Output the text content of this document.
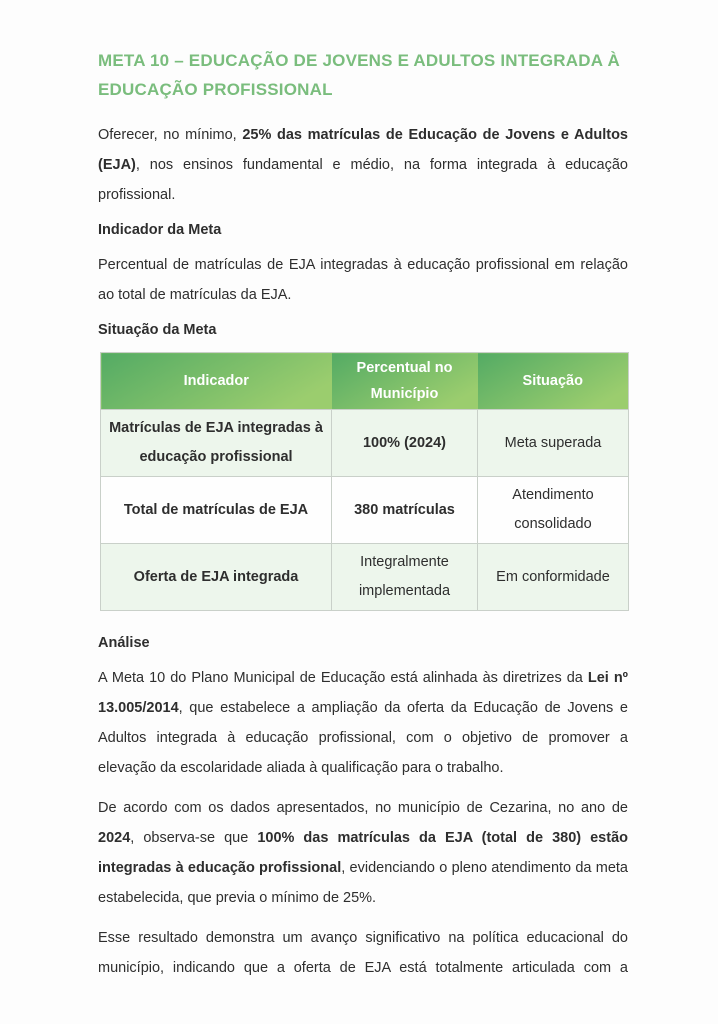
META 10 – EDUCAÇÃO DE JOVENS E ADULTOS INTEGRADA À EDUCAÇÃO PROFISSIONAL

Oferecer, no mínimo, 25% das matrículas de Educação de Jovens e Adultos (EJA), nos ensinos fundamental e médio, na forma integrada à educação profissional.

Indicador da Meta

Percentual de matrículas de EJA integradas à educação profissional em relação ao total de matrículas da EJA.

Situação da Meta
Indicador	Percentual no Município	Situação
Matrículas de EJA integradas à educação profissional	100% (2024)	Meta superada
Total de matrículas de EJA	380 matrículas	Atendimento consolidado
Oferta de EJA integrada	Integralmente implementada	Em conformidade
Análise

A Meta 10 do Plano Municipal de Educação está alinhada às diretrizes da Lei nº 13.005/2014, que estabelece a ampliação da oferta da Educação de Jovens e Adultos integrada à educação profissional, com o objetivo de promover a elevação da escolaridade aliada à qualificação para o trabalho.

De acordo com os dados apresentados, no município de Cezarina, no ano de 2024, observa-se que 100% das matrículas da EJA (total de 380) estão integradas à educação profissional, evidenciando o pleno atendimento da meta estabelecida, que previa o mínimo de 25%.

Esse resultado demonstra um avanço significativo na política educacional do município, indicando que a oferta de EJA está totalmente articulada com a
